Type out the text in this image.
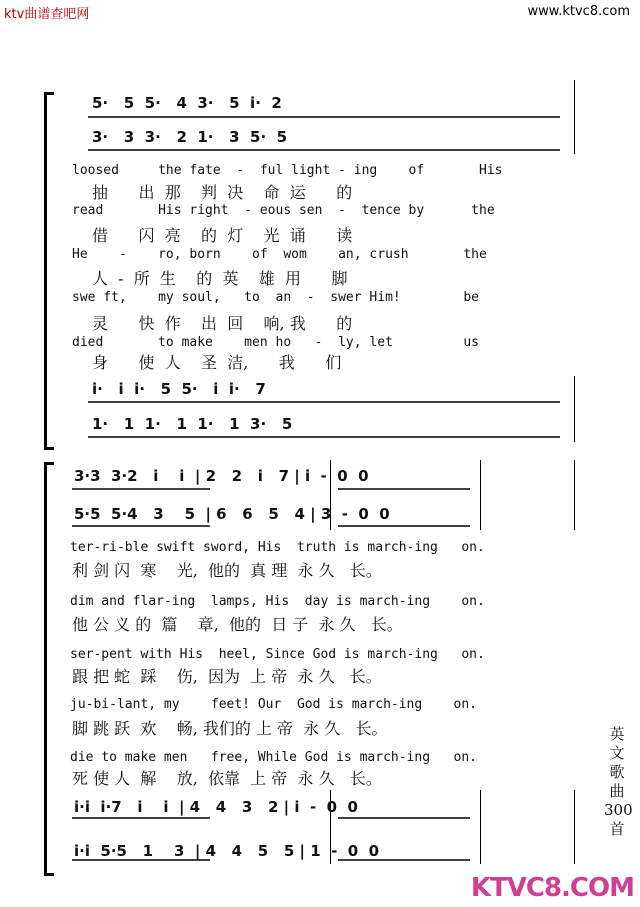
ktv曲谱查吧网	www.ktvc8.com
KTVC8.COM
英文歌曲300首
5·   5  5·   4  3·   5  i·  2
3·   3  3·   2  1·   3  5·  5
loosed     the fate  -  ful light - ing    of       His
抽      出  那    判  决    命  运      的
read       His right  - eous sen  -  tence by      the
借      闪  亮    的  灯    光  诵      读
He    -    ro, born    of  wom    an, crush       the
人  -  所  生    的  英    雄  用      脚
swe ft,    my soul,   to  an  -  swer Him!        be
灵      快  作    出  回    响, 我      的
died       to make    men ho   -  ly, let         us
身      使  人    圣  洁,      我      们
i·   i  i·   5  5·   i  i·   7
1·   1  1·   1  1·   1  3·   5
3·3  3·2   i    i  | 2   2   i   7 | i  -  0  0
5·5  5·4   3    5  | 6   6   5   4 | 3  -  0  0
ter-ri-ble swift sword, His  truth is march-ing   on.
利 剑 闪  寒    光,  他的  真 理  永 久   长。
dim and flar-ing  lamps, His  day is march-ing    on.
他 公 义 的  篇    章,  他的  日 子  永 久   长。
ser-pent with His  heel, Since God is march-ing   on.
跟 把 蛇  踩    伤,  因为  上 帝  永 久   长。
ju-bi-lant, my    feet! Our  God is march-ing    on.
脚 跳 跃  欢    畅, 我们的 上 帝  永 久   长。
die to make men   free, While God is march-ing   on.
死 使 人  解    放,  依靠  上 帝  永 久   长。
i·i  i·7   i    i  | 4   4   3   2 | i  -  0  0
i·i  5·5   1    3  | 4   4   5   5 | 1  -  0  0
